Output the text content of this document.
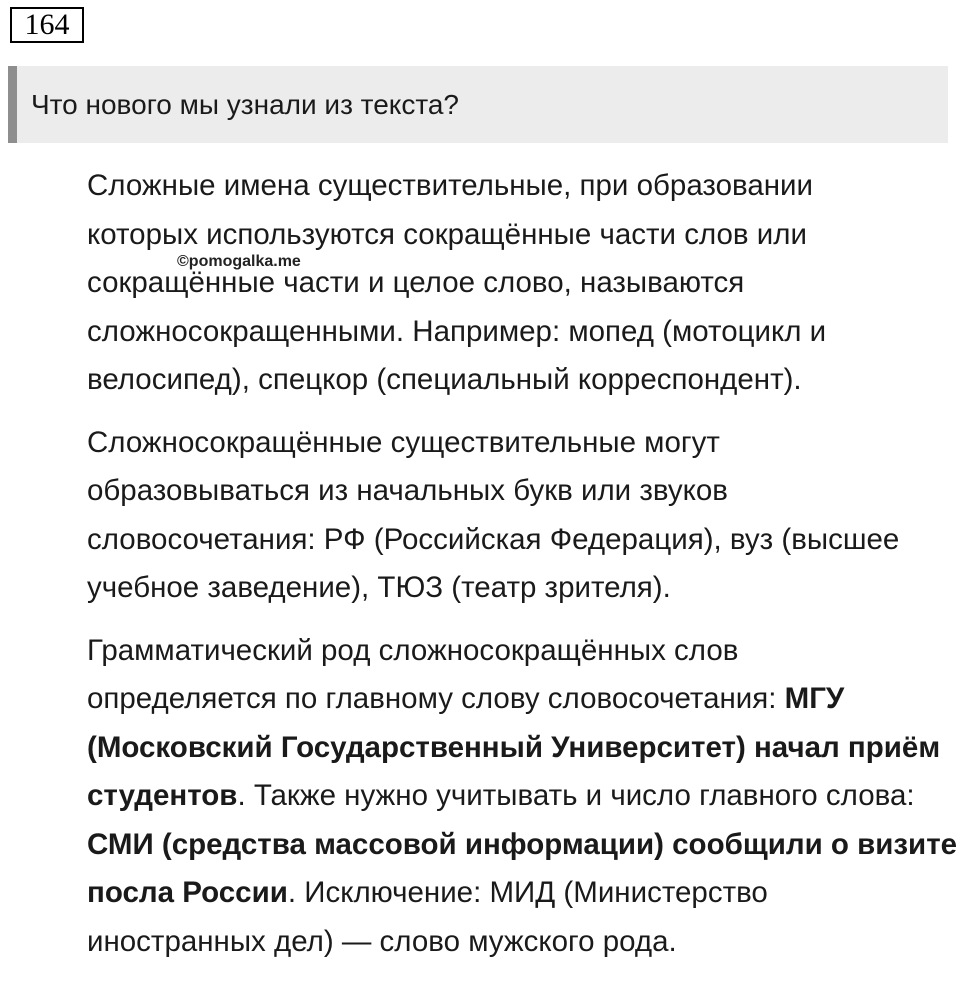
164
Что нового мы узнали из текста?

Сложные имена существительные, при образовании
которых используются сокращённые части слов или
сокращённые части и целое слово, называются
сложносокращенными. Например: мопед (мотоцикл и
велосипед), спецкор (специальный корреспондент).

Сложносокращённые существительные могут
образовываться из начальных букв или звуков
словосочетания: РФ (Российская Федерация), вуз (высшее
учебное заведение), ТЮЗ (театр зрителя).

Грамматический род сложносокращённых слов
определяется по главному слову словосочетания: МГУ
(Московский Государственный Университет) начал приём
студентов. Также нужно учитывать и число главного слова:
СМИ (средства массовой информации) сообщили о визите
посла России. Исключение: МИД (Министерство
иностранных дел) — слово мужского рода.

©pomogalka.me
